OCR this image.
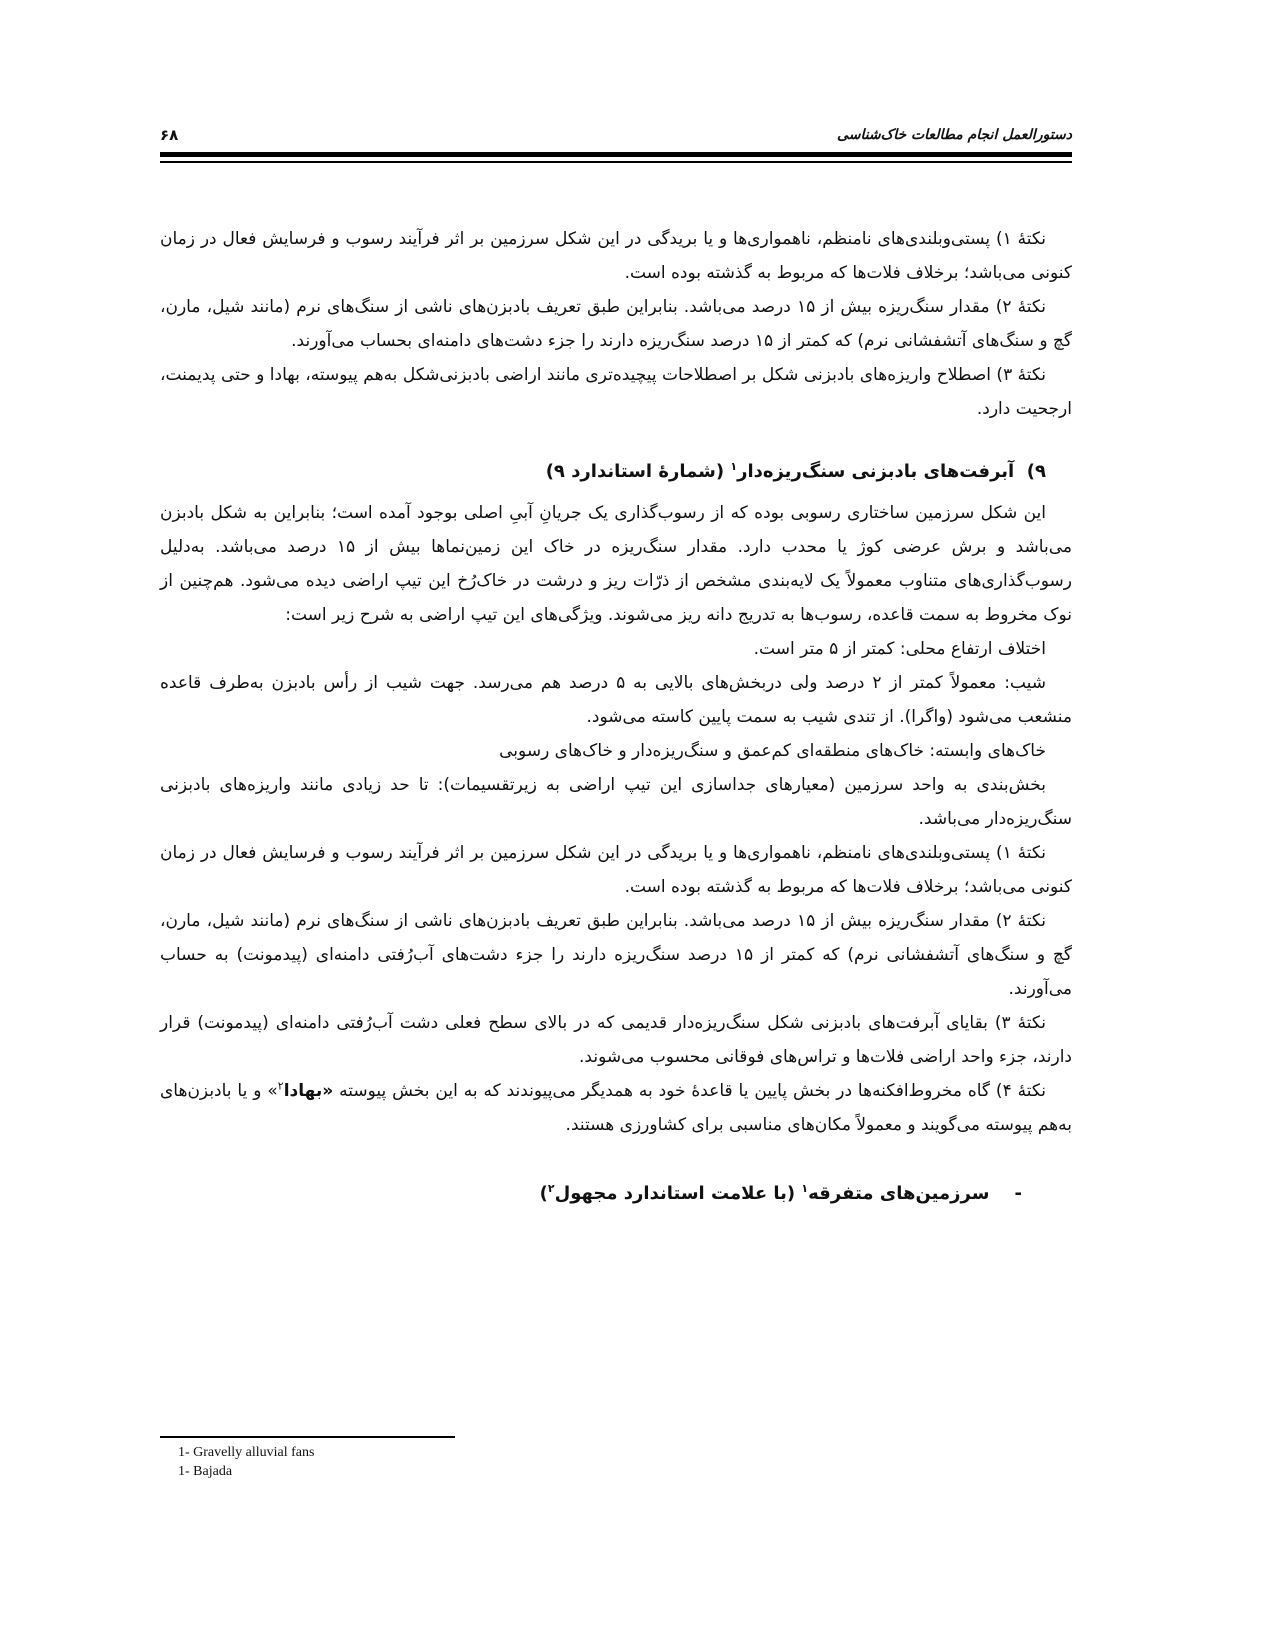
۶۸	دستورالعمل انجام مطالعات خاک‌شناسی

نکتهٔ ۱) پستی‌وبلندی‌های نامنظم، ناهمواری‌ها و یا بریدگی در این شکل سرزمین بر اثر فرآیند رسوب و فرسایش فعال در زمان کنونی می‌باشد؛ برخلاف فلات‌ها که مربوط به گذشته بوده است.

نکتهٔ ۲) مقدار سنگ‌ریزه بیش از ۱۵ درصد می‌باشد. بنابراین طبق تعریف بادبزن‌های ناشی از سنگ‌های نرم (مانند شیل، مارن، گچ و سنگ‌های آتشفشانی نرم) که کمتر از ۱۵ درصد سنگ‌ریزه دارند را جزء دشت‌های دامنه‌ای بحساب می‌آورند.

نکتهٔ ۳) اصطلاح واریزه‌های بادبزنی شکل بر اصطلاحات پیچیده‌تری مانند اراضی بادبزنی‌شکل به‌هم پیوسته، بهادا و حتی پدیمنت، ارجحیت دارد.

۹)  آبرفت‌های بادبزنی سنگ‌ریزه‌دار$^۱$ (شمارهٔ استاندارد ۹)

این شکل سرزمین ساختاری رسوبی بوده که از رسوب‌گذاری یک جریانِ آبیِ اصلی بوجود آمده است؛ بنابراین به شکل بادبزن می‌باشد و برش عرضی کوژ یا محدب دارد. مقدار سنگ‌ریزه در خاک این زمین‌نماها بیش از ۱۵ درصد می‌باشد. به‌دلیل رسوب‌گذاری‌های متناوب معمولاً یک لایه‌بندی مشخص از ذرّات ریز و درشت در خاک‌رُخ این تیپ اراضی دیده می‌شود. هم‌چنین از نوک مخروط به سمت قاعده، رسوب‌ها به تدریج دانه ریز می‌شوند. ویژگی‌های این تیپ اراضی به شرح زیر است:

اختلاف ارتفاع محلی: کمتر از ۵ متر است.

شیب: معمولاً کمتر از ۲ درصد ولی دربخش‌های بالایی به ۵ درصد هم می‌رسد. جهت شیب از رأس بادبزن به‌طرف قاعده منشعب می‌شود (واگرا). از تندی شیب به سمت پایین کاسته می‌شود.

خاک‌های وابسته: خاک‌های منطقه‌ای کم‌عمق و سنگ‌ریزه‌دار و خاک‌های رسوبی

بخش‌بندی به واحد سرزمین (معیارهای جداسازی این تیپ اراضی به زیرتقسیمات): تا حد زیادی مانند واریزه‌های بادبزنی سنگ‌ریزه‌دار می‌باشد.

نکتهٔ ۱) پستی‌وبلندی‌های نامنظم، ناهمواری‌ها و یا بریدگی در این شکل سرزمین بر اثر فرآیند رسوب و فرسایش فعال در زمان کنونی می‌باشد؛ برخلاف فلات‌ها که مربوط به گذشته بوده است.

نکتهٔ ۲) مقدار سنگ‌ریزه بیش از ۱۵ درصد می‌باشد. بنابراین طبق تعریف بادبزن‌های ناشی از سنگ‌های نرم (مانند شیل، مارن، گچ و سنگ‌های آتشفشانی نرم) که کمتر از ۱۵ درصد سنگ‌ریزه دارند را جزء دشت‌های آب‌رُفتی دامنه‌ای (پیدمونت) به حساب می‌آورند.

نکتهٔ ۳) بقایای آبرفت‌های بادبزنی شکل سنگ‌ریزه‌دار قدیمی که در بالای سطح فعلی دشت آب‌رُفتی دامنه‌ای (پیدمونت) قرار دارند، جزء واحد اراضی فلات‌ها و تراس‌های فوقانی محسوب می‌شوند.

نکتهٔ ۴) گاه مخروط‌افکنه‌ها در بخش پایین یا قاعدهٔ خود به همدیگر می‌پیوندند که به این بخش پیوسته «بهادا$^۲$» و یا بادبزن‌های به‌هم پیوسته می‌گویند و معمولاً مکان‌های مناسبی برای کشاورزی هستند.

-    سرزمین‌های متفرقه$^۱$ (با علامت استاندارد مجهول$^۲$)

1- Gravelly alluvial fans

1- Bajada
